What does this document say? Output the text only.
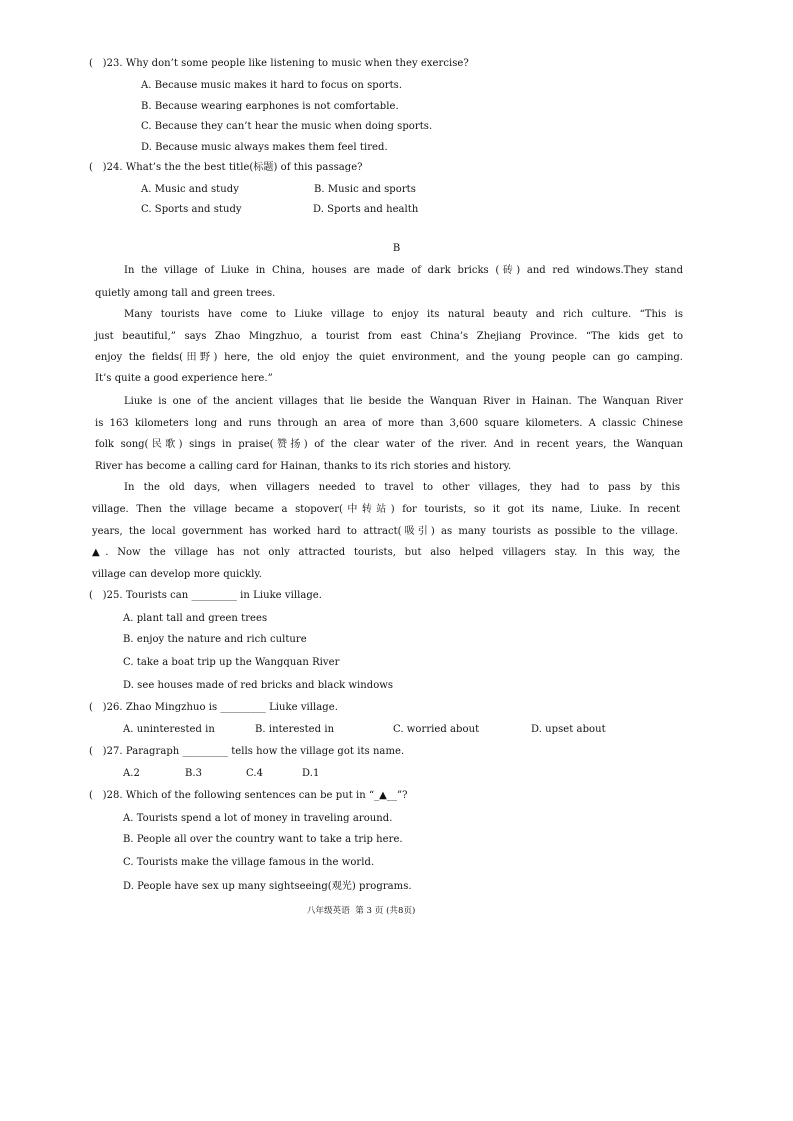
(   )23. Why don’t some people like listening to music when they exercise?
A. Because music makes it hard to focus on sports.
B. Because wearing earphones is not comfortable.
C. Because they can’t hear the music when doing sports.
D. Because music always makes them feel tired.
(   )24. What’s the the best title(标题) of this passage?
A. Music and study	B. Music and sports
C. Sports and study	D. Sports and health
B
In the village of Liuke in China, houses are made of dark bricks (砖) and red windows.They stand
quietly among tall and green trees.
Many tourists have come to Liuke village to enjoy its natural beauty and rich culture. “This is
just beautiful,” says Zhao Mingzhuo, a tourist from east China’s Zhejiang Province. “The kids get to
enjoy the fields(田野) here, the old enjoy the quiet environment, and the young people can go camping.
It’s quite a good experience here.”
Liuke is one of the ancient villages that lie beside the Wanquan River in Hainan. The Wanquan River
is 163 kilometers long and runs through an area of more than 3,600 square kilometers. A classic Chinese
folk song(民歌) sings in praise(赞扬) of the clear water of the river. And in recent years, the Wanquan
River has become a calling card for Hainan, thanks to its rich stories and history.
In the old days, when villagers needed to travel to other villages, they had to pass by this
village. Then the village became a stopover(中转站) for tourists, so it got its name, Liuke. In recent
years, the local government has worked hard to attract(吸引) as many tourists as possible to the village.
▲. Now the village has not only attracted tourists, but also helped villagers stay. In this way, the
village can develop more quickly.
(   )25. Tourists can _________ in Liuke village.
A. plant tall and green trees
B. enjoy the nature and rich culture
C. take a boat trip up the Wangquan River
D. see houses made of red bricks and black windows
(   )26. Zhao Mingzhuo is _________ Liuke village.
A. uninterested in	B. interested in	C. worried about	D. upset about
(   )27. Paragraph _________ tells how the village got its name.
A.2	B.3	C.4	D.1
(   )28. Which of the following sentences can be put in “_▲__”?
A. Tourists spend a lot of money in traveling around.
B. People all over the country want to take a trip here.
C. Tourists make the village famous in the world.
D. People have sex up many sightseeing(观光) programs.
八年级英语  第 3 页 (共8页)
